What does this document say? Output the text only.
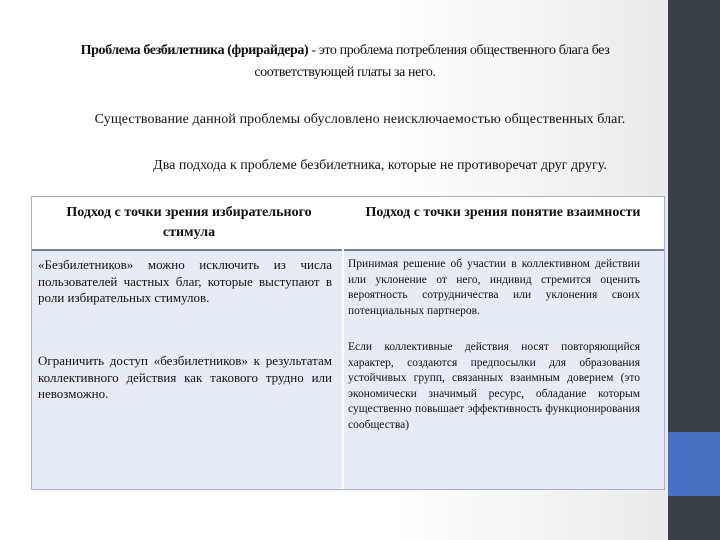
Проблема безбилетника (фрирайдера) - это проблема потребления общественного блага без соответствующей платы за него.
Существование данной проблемы обусловлено неисключаемостью общественных благ.
Два подхода к проблеме безбилетника, которые не противоречат друг другу.
Подход с точки зрения избирательного стимула
Подход с точки зрения понятие взаимности
«Безбилетников» можно исключить из числа пользователей частных благ, которые выступают в роли избирательных стимулов.
Ограничить доступ «безбилетников» к результатам коллективного действия как такового трудно или невозможно.
Принимая решение об участии в коллективном действии или уклонение от него, индивид стремится оценить вероятность сотрудничества или уклонения своих потенциальных партнеров.
Если коллективные действия носят повторяющийся характер, создаются предпосылки для образования устойчивых групп, связанных взаимным доверием (это экономически значимый ресурс, обладание которым существенно повышает эффективность функционирования сообщества)
